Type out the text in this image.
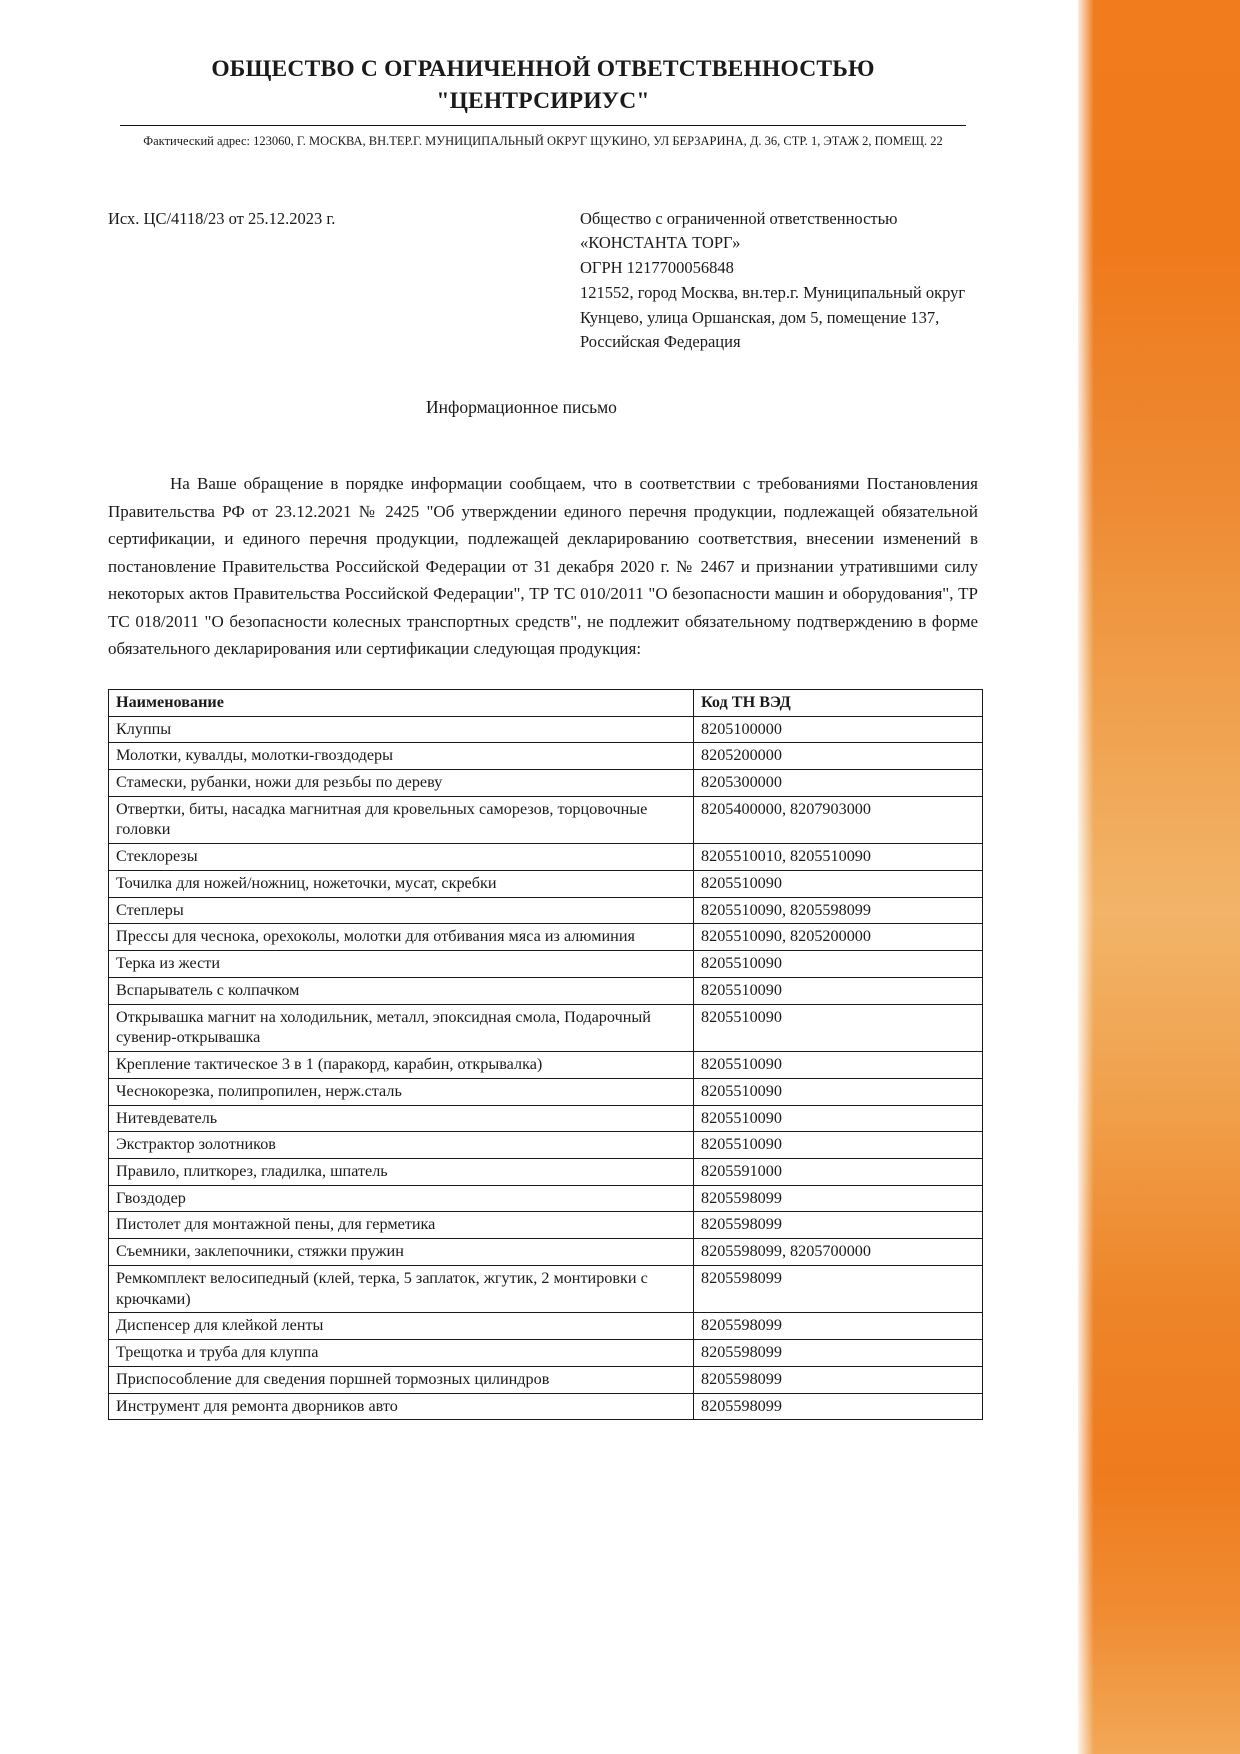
ОБЩЕСТВО С ОГРАНИЧЕННОЙ ОТВЕТСТВЕННОСТЬЮ
"ЦЕНТРСИРИУС"
Фактический адрес: 123060, Г. МОСКВА, ВН.ТЕР.Г. МУНИЦИПАЛЬНЫЙ ОКРУГ ЩУКИНО, УЛ БЕРЗАРИНА, Д. 36, СТР. 1, ЭТАЖ 2, ПОМЕЩ. 22
Исх. ЦС/4118/23 от 25.12.2023 г.	Общество с ограниченной ответственностью
«КОНСТАНТА ТОРГ»
ОГРН 1217700056848
121552, город Москва, вн.тер.г. Муниципальный округ
Кунцево, улица Оршанская, дом 5, помещение 137,
Российская Федерация
Информационное письмо
На Ваше обращение в порядке информации сообщаем, что в соответствии с требованиями Постановления Правительства РФ от 23.12.2021 № 2425 "Об утверждении единого перечня продукции, подлежащей обязательной сертификации, и единого перечня продукции, подлежащей декларированию соответствия, внесении изменений в постановление Правительства Российской Федерации от 31 декабря 2020 г. № 2467 и признании утратившими силу некоторых актов Правительства Российской Федерации", ТР ТС 010/2011 "О безопасности машин и оборудования", ТР ТС 018/2011 "О безопасности колесных транспортных средств", не подлежит обязательному подтверждению в форме обязательного декларирования или сертификации следующая продукция:
Наименование	Код ТН ВЭД
Клуппы	8205100000
Молотки, кувалды, молотки-гвоздодеры	8205200000
Стамески, рубанки, ножи для резьбы по дереву	8205300000
Отвертки, биты, насадка магнитная для кровельных саморезов, торцовочные головки	8205400000, 8207903000
Стеклорезы	8205510010, 8205510090
Точилка для ножей/ножниц, ножеточки, мусат, скребки	8205510090
Степлеры	8205510090, 8205598099
Прессы для чеснока, орехоколы, молотки для отбивания мяса из алюминия	8205510090, 8205200000
Терка из жести	8205510090
Вспарыватель с колпачком	8205510090
Открывашка магнит на холодильник, металл, эпоксидная смола, Подарочный сувенир-открывашка	8205510090
Крепление тактическое 3 в 1 (паракорд, карабин, открывалка)	8205510090
Чеснокорезка, полипропилен, нерж.сталь	8205510090
Нитевдеватель	8205510090
Экстрактор золотников	8205510090
Правило, плиткорез, гладилка, шпатель	8205591000
Гвоздодер	8205598099
Пистолет для монтажной пены, для герметика	8205598099
Съемники, заклепочники, стяжки пружин	8205598099, 8205700000
Ремкомплект велосипедный (клей, терка, 5 заплаток, жгутик, 2 монтировки с крючками)	8205598099
Диспенсер для клейкой ленты	8205598099
Трещотка и труба для клуппа	8205598099
Приспособление для сведения поршней тормозных цилиндров	8205598099
Инструмент для ремонта дворников авто	8205598099
